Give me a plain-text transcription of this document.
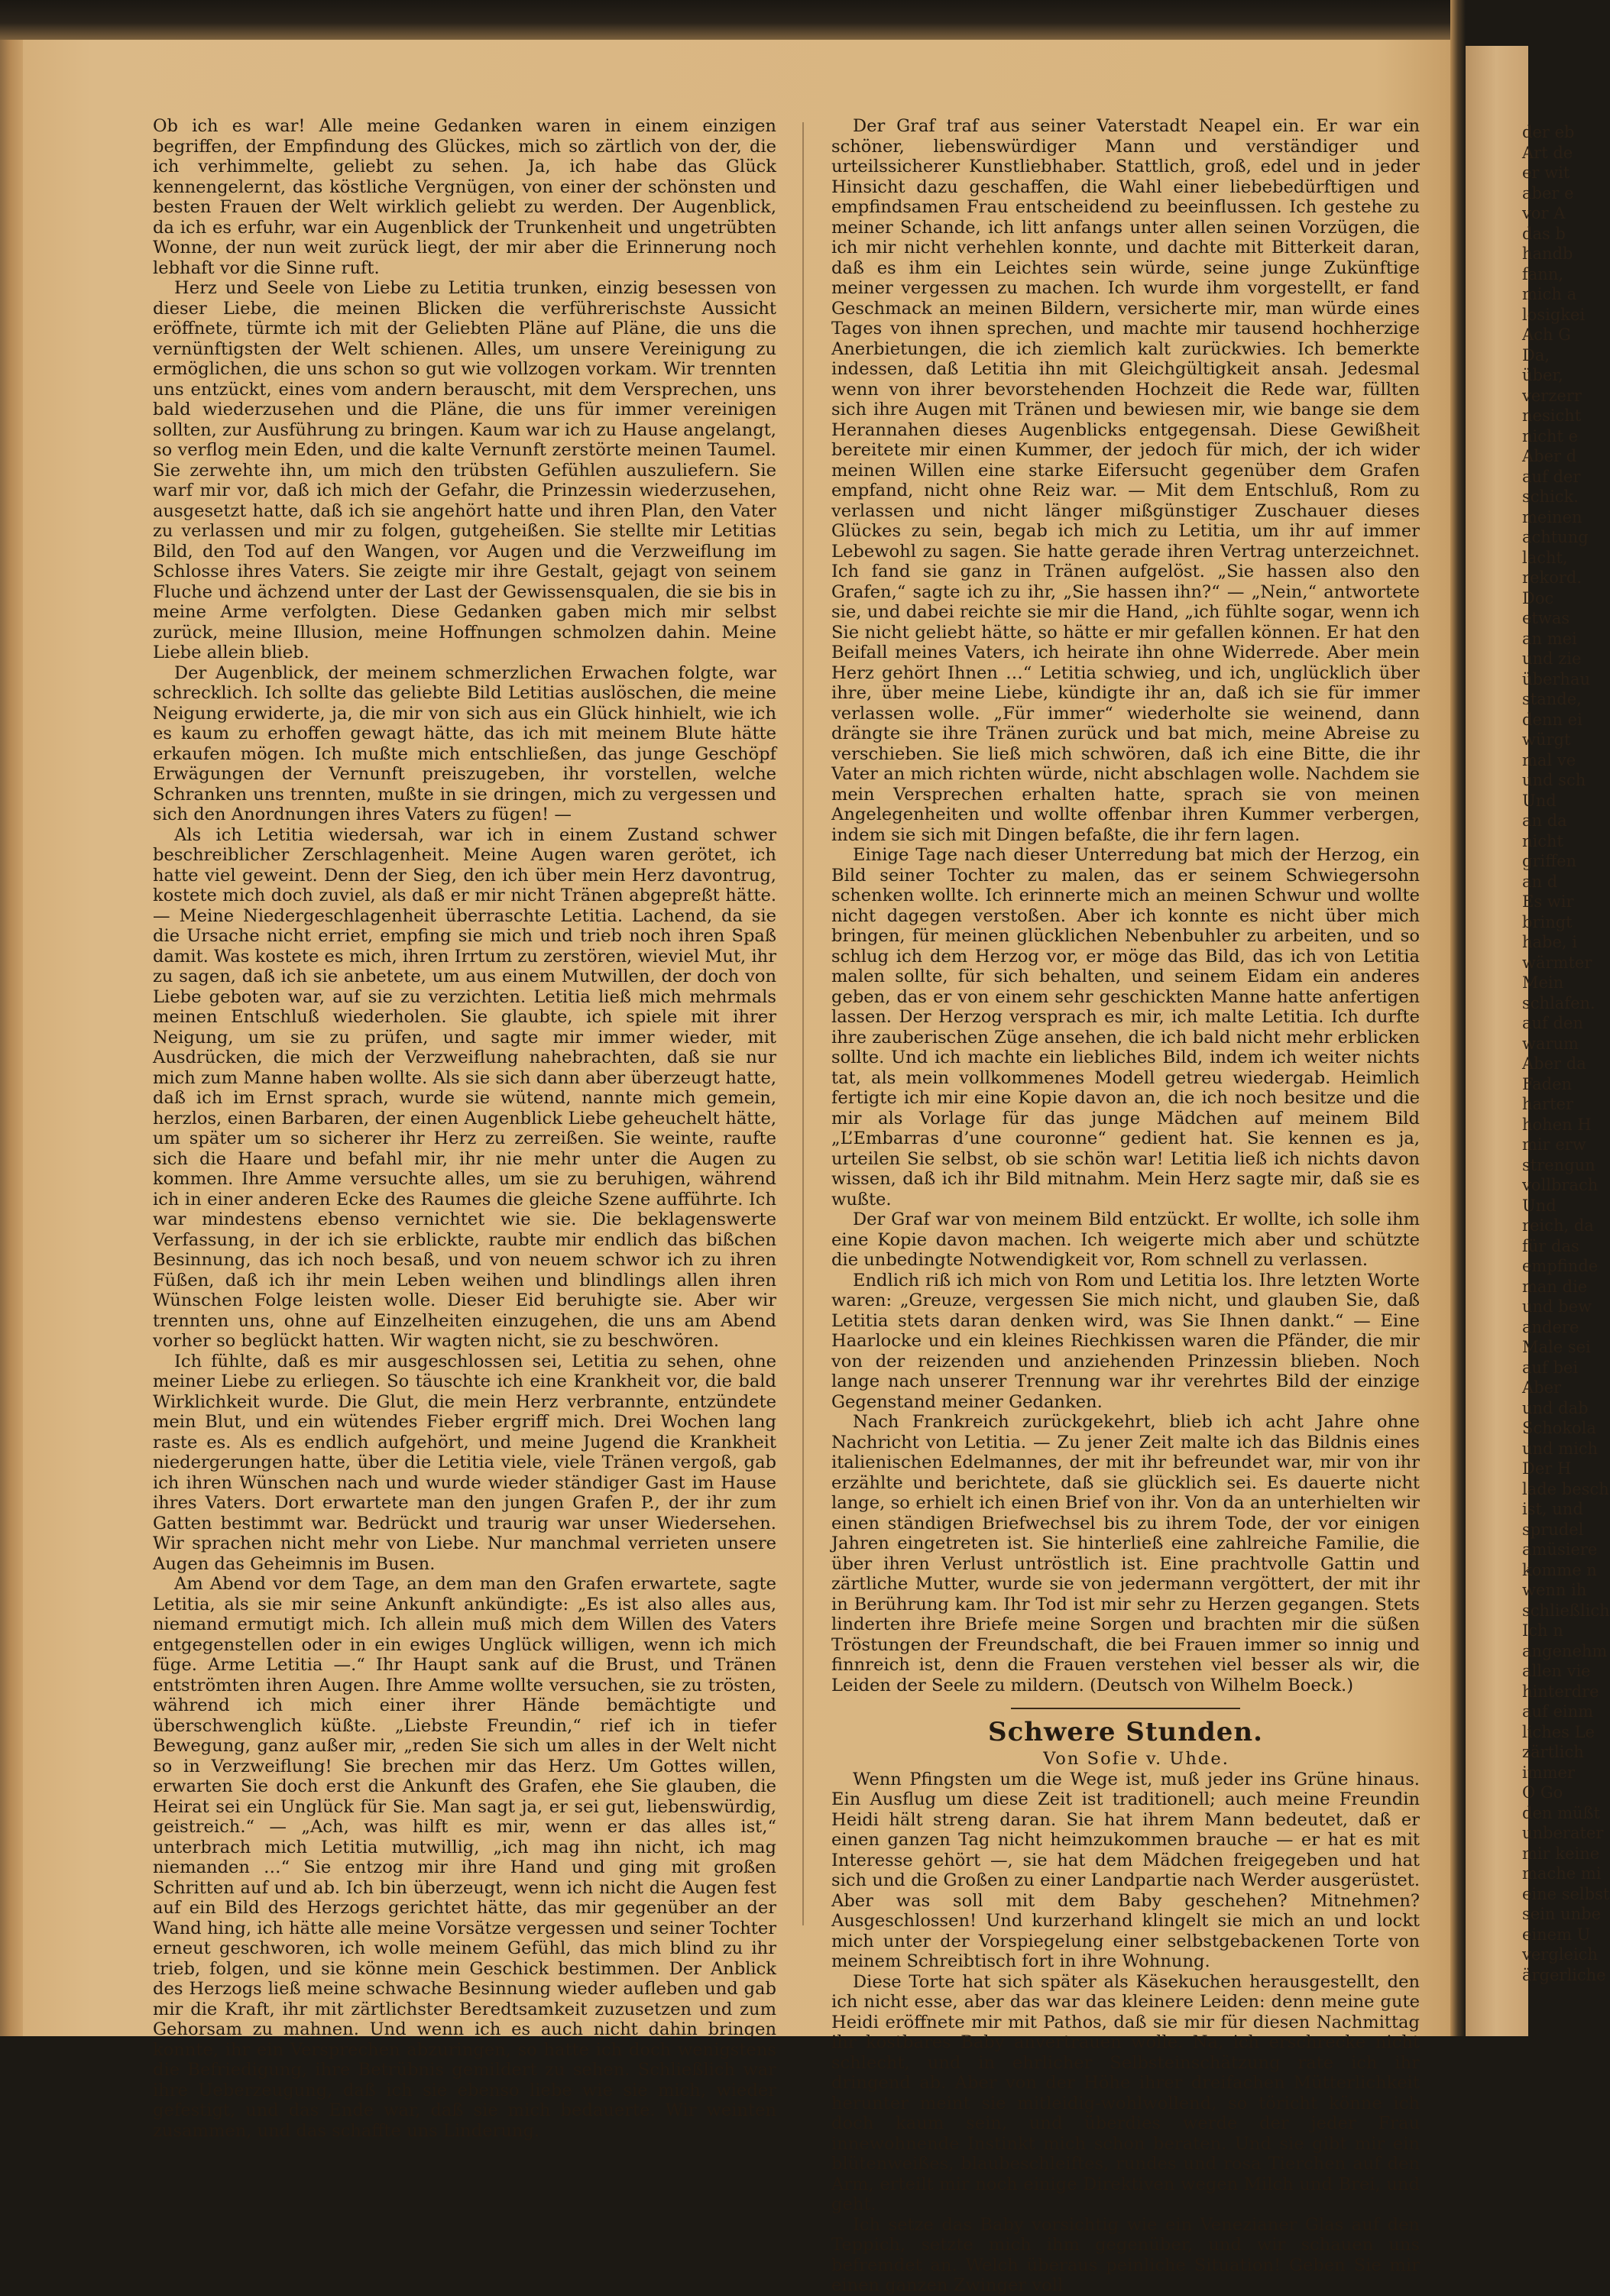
Ob ich es war! Alle meine Gedanken waren in einem einzigen begriffen, der Empfindung des Glückes, mich so zärtlich von der, die ich verhimmelte, geliebt zu sehen. Ja, ich habe das Glück kennengelernt, das köstliche Vergnügen, von einer der schönsten und besten Frauen der Welt wirklich geliebt zu werden. Der Augenblick, da ich es erfuhr, war ein Augenblick der Trunkenheit und ungetrübten Wonne, der nun weit zurück liegt, der mir aber die Erinnerung noch lebhaft vor die Sinne ruft.

Herz und Seele von Liebe zu Letitia trunken, einzig besessen von dieser Liebe, die meinen Blicken die verführerischste Aussicht eröffnete, türmte ich mit der Geliebten Pläne auf Pläne, die uns die vernünftigsten der Welt schienen. Alles, um unsere Vereinigung zu ermöglichen, die uns schon so gut wie vollzogen vorkam. Wir trennten uns entzückt, eines vom andern berauscht, mit dem Versprechen, uns bald wiederzusehen und die Pläne, die uns für immer vereinigen sollten, zur Ausführung zu bringen. Kaum war ich zu Hause angelangt, so verflog mein Eden, und die kalte Vernunft zerstörte meinen Taumel. Sie zerwehte ihn, um mich den trübsten Gefühlen auszuliefern. Sie warf mir vor, daß ich mich der Gefahr, die Prinzessin wiederzusehen, ausgesetzt hatte, daß ich sie angehört hatte und ihren Plan, den Vater zu verlassen und mir zu folgen, gutgeheißen. Sie stellte mir Letitias Bild, den Tod auf den Wangen, vor Augen und die Verzweiflung im Schlosse ihres Vaters. Sie zeigte mir ihre Gestalt, gejagt von seinem Fluche und ächzend unter der Last der Gewissensqualen, die sie bis in meine Arme verfolgten. Diese Gedanken gaben mich mir selbst zurück, meine Illusion, meine Hoffnungen schmolzen dahin. Meine Liebe allein blieb.

Der Augenblick, der meinem schmerzlichen Erwachen folgte, war schrecklich. Ich sollte das geliebte Bild Letitias auslöschen, die meine Neigung erwiderte, ja, die mir von sich aus ein Glück hinhielt, wie ich es kaum zu erhoffen gewagt hätte, das ich mit meinem Blute hätte erkaufen mögen. Ich mußte mich entschließen, das junge Geschöpf Erwägungen der Vernunft preiszugeben, ihr vorstellen, welche Schranken uns trennten, mußte in sie dringen, mich zu vergessen und sich den Anordnungen ihres Vaters zu fügen! —

Als ich Letitia wiedersah, war ich in einem Zustand schwer beschreiblicher Zerschlagenheit. Meine Augen waren gerötet, ich hatte viel geweint. Denn der Sieg, den ich über mein Herz davontrug, kostete mich doch zuviel, als daß er mir nicht Tränen abgepreßt hätte. — Meine Niedergeschlagenheit überraschte Letitia. Lachend, da sie die Ursache nicht erriet, empfing sie mich und trieb noch ihren Spaß damit. Was kostete es mich, ihren Irrtum zu zerstören, wieviel Mut, ihr zu sagen, daß ich sie anbetete, um aus einem Mutwillen, der doch von Liebe geboten war, auf sie zu verzichten. Letitia ließ mich mehrmals meinen Entschluß wiederholen. Sie glaubte, ich spiele mit ihrer Neigung, um sie zu prüfen, und sagte mir immer wieder, mit Ausdrücken, die mich der Verzweiflung nahebrachten, daß sie nur mich zum Manne haben wollte. Als sie sich dann aber überzeugt hatte, daß ich im Ernst sprach, wurde sie wütend, nannte mich gemein, herzlos, einen Barbaren, der einen Augenblick Liebe geheuchelt hätte, um später um so sicherer ihr Herz zu zerreißen. Sie weinte, raufte sich die Haare und befahl mir, ihr nie mehr unter die Augen zu kommen. Ihre Amme versuchte alles, um sie zu beruhigen, während ich in einer anderen Ecke des Raumes die gleiche Szene aufführte. Ich war mindestens ebenso vernichtet wie sie. Die beklagenswerte Verfassung, in der ich sie erblickte, raubte mir endlich das bißchen Besinnung, das ich noch besaß, und von neuem schwor ich zu ihren Füßen, daß ich ihr mein Leben weihen und blindlings allen ihren Wünschen Folge leisten wolle. Dieser Eid beruhigte sie. Aber wir trennten uns, ohne auf Einzelheiten einzugehen, die uns am Abend vorher so beglückt hatten. Wir wagten nicht, sie zu beschwören.

Ich fühlte, daß es mir ausgeschlossen sei, Letitia zu sehen, ohne meiner Liebe zu erliegen. So täuschte ich eine Krankheit vor, die bald Wirklichkeit wurde. Die Glut, die mein Herz verbrannte, entzündete mein Blut, und ein wütendes Fieber ergriff mich. Drei Wochen lang raste es. Als es endlich aufgehört, und meine Jugend die Krankheit niedergerungen hatte, über die Letitia viele, viele Tränen vergoß, gab ich ihren Wünschen nach und wurde wieder ständiger Gast im Hause ihres Vaters. Dort erwartete man den jungen Grafen P., der ihr zum Gatten bestimmt war. Bedrückt und traurig war unser Wiedersehen. Wir sprachen nicht mehr von Liebe. Nur manchmal verrieten unsere Augen das Geheimnis im Busen.

Am Abend vor dem Tage, an dem man den Grafen erwartete, sagte Letitia, als sie mir seine Ankunft ankündigte: „Es ist also alles aus, niemand ermutigt mich. Ich allein muß mich dem Willen des Vaters entgegenstellen oder in ein ewiges Unglück willigen, wenn ich mich füge. Arme Letitia —.“ Ihr Haupt sank auf die Brust, und Tränen entströmten ihren Augen. Ihre Amme wollte versuchen, sie zu trösten, während ich mich einer ihrer Hände bemächtigte und überschwenglich küßte. „Liebste Freundin,“ rief ich in tiefer Bewegung, ganz außer mir, „reden Sie sich um alles in der Welt nicht so in Verzweiflung! Sie brechen mir das Herz. Um Gottes willen, erwarten Sie doch erst die Ankunft des Grafen, ehe Sie glauben, die Heirat sei ein Unglück für Sie. Man sagt ja, er sei gut, liebenswürdig, geistreich.“ — „Ach, was hilft es mir, wenn er das alles ist,“ unterbrach mich Letitia mutwillig, „ich mag ihn nicht, ich mag niemanden …“ Sie entzog mir ihre Hand und ging mit großen Schritten auf und ab. Ich bin überzeugt, wenn ich nicht die Augen fest auf ein Bild des Herzogs gerichtet hätte, das mir gegenüber an der Wand hing, ich hätte alle meine Vorsätze vergessen und seiner Tochter erneut geschworen, ich wolle meinem Gefühl, das mich blind zu ihr trieb, folgen, und sie könne mein Geschick bestimmen. Der Anblick des Herzogs ließ meine schwache Besinnung wieder aufleben und gab mir die Kraft, ihr mit zärtlichster Beredtsamkeit zuzusetzen und zum Gehorsam zu mahnen. Und wenn ich es auch nicht dahin bringen konnte, ihr ein Versprechen abzuringen, so hatte ich doch wenigstens die Befriedigung, ihre Betrübnis gemildert zu sehen. Schließlich war ihre Ueberzeugung, daß ich sie ebenso liebe wie sie mich, wieder gefestigt, und das Ende war, daß sie mich bedauerte. Wir weinten zusammen, und das schaffte uns Linderung.

Der Graf traf aus seiner Vaterstadt Neapel ein. Er war ein schöner, liebenswürdiger Mann und verständiger und urteilssicherer Kunstliebhaber. Stattlich, groß, edel und in jeder Hinsicht dazu geschaffen, die Wahl einer liebebedürftigen und empfindsamen Frau entscheidend zu beeinflussen. Ich gestehe zu meiner Schande, ich litt anfangs unter allen seinen Vorzügen, die ich mir nicht verhehlen konnte, und dachte mit Bitterkeit daran, daß es ihm ein Leichtes sein würde, seine junge Zukünftige meiner vergessen zu machen. Ich wurde ihm vorgestellt, er fand Geschmack an meinen Bildern, versicherte mir, man würde eines Tages von ihnen sprechen, und machte mir tausend hochherzige Anerbietungen, die ich ziemlich kalt zurückwies. Ich bemerkte indessen, daß Letitia ihn mit Gleichgültigkeit ansah. Jedesmal wenn von ihrer bevorstehenden Hochzeit die Rede war, füllten sich ihre Augen mit Tränen und bewiesen mir, wie bange sie dem Herannahen dieses Augenblicks entgegensah. Diese Gewißheit bereitete mir einen Kummer, der jedoch für mich, der ich wider meinen Willen eine starke Eifersucht gegenüber dem Grafen empfand, nicht ohne Reiz war. — Mit dem Entschluß, Rom zu verlassen und nicht länger mißgünstiger Zuschauer dieses Glückes zu sein, begab ich mich zu Letitia, um ihr auf immer Lebewohl zu sagen. Sie hatte gerade ihren Vertrag unterzeichnet. Ich fand sie ganz in Tränen aufgelöst. „Sie hassen also den Grafen,“ sagte ich zu ihr, „Sie hassen ihn?“ — „Nein,“ antwortete sie, und dabei reichte sie mir die Hand, „ich fühlte sogar, wenn ich Sie nicht geliebt hätte, so hätte er mir gefallen können. Er hat den Beifall meines Vaters, ich heirate ihn ohne Widerrede. Aber mein Herz gehört Ihnen …“ Letitia schwieg, und ich, unglücklich über ihre, über meine Liebe, kündigte ihr an, daß ich sie für immer verlassen wolle. „Für immer“ wiederholte sie weinend, dann drängte sie ihre Tränen zurück und bat mich, meine Abreise zu verschieben. Sie ließ mich schwören, daß ich eine Bitte, die ihr Vater an mich richten würde, nicht abschlagen wolle. Nachdem sie mein Versprechen erhalten hatte, sprach sie von meinen Angelegenheiten und wollte offenbar ihren Kummer verbergen, indem sie sich mit Dingen befaßte, die ihr fern lagen.

Einige Tage nach dieser Unterredung bat mich der Herzog, ein Bild seiner Tochter zu malen, das er seinem Schwiegersohn schenken wollte. Ich erinnerte mich an meinen Schwur und wollte nicht dagegen verstoßen. Aber ich konnte es nicht über mich bringen, für meinen glücklichen Nebenbuhler zu arbeiten, und so schlug ich dem Herzog vor, er möge das Bild, das ich von Letitia malen sollte, für sich behalten, und seinem Eidam ein anderes geben, das er von einem sehr geschickten Manne hatte anfertigen lassen. Der Herzog versprach es mir, ich malte Letitia. Ich durfte ihre zauberischen Züge ansehen, die ich bald nicht mehr erblicken sollte. Und ich machte ein liebliches Bild, indem ich weiter nichts tat, als mein vollkommenes Modell getreu wiedergab. Heimlich fertigte ich mir eine Kopie davon an, die ich noch besitze und die mir als Vorlage für das junge Mädchen auf meinem Bild „L’Embarras d’une couronne“ gedient hat. Sie kennen es ja, urteilen Sie selbst, ob sie schön war! Letitia ließ ich nichts davon wissen, daß ich ihr Bild mitnahm. Mein Herz sagte mir, daß sie es wußte.

Der Graf war von meinem Bild entzückt. Er wollte, ich solle ihm eine Kopie davon machen. Ich weigerte mich aber und schützte die unbedingte Notwendigkeit vor, Rom schnell zu verlassen.

Endlich riß ich mich von Rom und Letitia los. Ihre letzten Worte waren: „Greuze, vergessen Sie mich nicht, und glauben Sie, daß Letitia stets daran denken wird, was Sie Ihnen dankt.“ — Eine Haarlocke und ein kleines Riechkissen waren die Pfänder, die mir von der reizenden und anziehenden Prinzessin blieben. Noch lange nach unserer Trennung war ihr verehrtes Bild der einzige Gegenstand meiner Gedanken.

Nach Frankreich zurückgekehrt, blieb ich acht Jahre ohne Nachricht von Letitia. — Zu jener Zeit malte ich das Bildnis eines italienischen Edelmannes, der mit ihr befreundet war, mir von ihr erzählte und berichtete, daß sie glücklich sei. Es dauerte nicht lange, so erhielt ich einen Brief von ihr. Von da an unterhielten wir einen ständigen Briefwechsel bis zu ihrem Tode, der vor einigen Jahren eingetreten ist. Sie hinterließ eine zahlreiche Familie, die über ihren Verlust untröstlich ist. Eine prachtvolle Gattin und zärtliche Mutter, wurde sie von jedermann vergöttert, der mit ihr in Berührung kam. Ihr Tod ist mir sehr zu Herzen gegangen. Stets linderten ihre Briefe meine Sorgen und brachten mir die süßen Tröstungen der Freundschaft, die bei Frauen immer so innig und finnreich ist, denn die Frauen verstehen viel besser als wir, die Leiden der Seele zu mildern. (Deutsch von Wilhelm Boeck.)

Schwere Stunden.

Von Sofie v. Uhde.

Wenn Pfingsten um die Wege ist, muß jeder ins Grüne hinaus. Ein Ausflug um diese Zeit ist traditionell; auch meine Freundin Heidi hält streng daran. Sie hat ihrem Mann bedeutet, daß er einen ganzen Tag nicht heimzukommen brauche — er hat es mit Interesse gehört —, sie hat dem Mädchen freigegeben und hat sich und die Großen zu einer Landpartie nach Werder ausgerüstet. Aber was soll mit dem Baby geschehen? Mitnehmen? Ausgeschlossen! Und kurzerhand klingelt sie mich an und lockt mich unter der Vorspiegelung einer selbstgebackenen Torte von meinem Schreibtisch fort in ihre Wohnung.

Diese Torte hat sich später als Käsekuchen herausgestellt, den ich nicht esse, aber das war das kleinere Leiden: denn meine gute Heidi eröffnete mir mit Pathos, daß sie mir für diesen Nachmittag ihr kostbares Baby anvertrauen wolle. Na, ich erschrecke nicht schlecht, und in ehrlicher Selbsteinschätzung rate ich ihr dringend ab. Aber von der Höhe ihrer dreifachen Mütterlichkeit herunter meint sie mitleidig-wohlwollend, so töricht könne ich doch kaum sein, und überdies werde der jeder Frau innewohnende Instinkt mich schon beraten. Und sie gibt mir ein blütenweißes, blaubeschleiftes, rundes und rosa Tierchen auf den Arm, erteilt mir noch einige Direktiven wegen Milch und Brei, und geht.

Ich setze das Baby vorsichtig wie ein Venezianer Glas auf den Teppich, setzte mich ihm gegenüber, und wir schauen uns befremdet an. Welch überaus peinliche Situation! Geben Sie mir einen ganzen Zwinger voll

der eb
Art de
er wit
aber e
vor A
das b
handb
fann,
mich a
losigkei
Ach G
Da,
über,
verzerr
nesicht
nicht e
Aber d
auf der
schick.
meinen
achtung
lacht,
rekord.
Doc
etwas
an mei
und zie
überhau
stande,
denn ei
würgt
mal ve
und sch
Und
an da
nicht
griffen
an d
Es wir
bringt
habe, i
wärmter
Mein
schlafen.
auf den
warum
Aber da
Faden
harter
hohen H
mir erw
strengun
vollbrach
Und
reich, da
für das
empfinde
man die
und bew
andere
Male sei
auf bei
Aber
und dab
Schokola
und mich
Der H
lade besch
ist, und
sprudel
amüsiere
komme n
wenn ih
schließlich
Ich n
angenehm
allen vie
hinterdre
auf einm
liches Le
zärtlich
immer
O Go
den müßt
unberater
mir keine
mache mi
eine selbst
sein unbe
einem U
vergleich
ärgerliche
